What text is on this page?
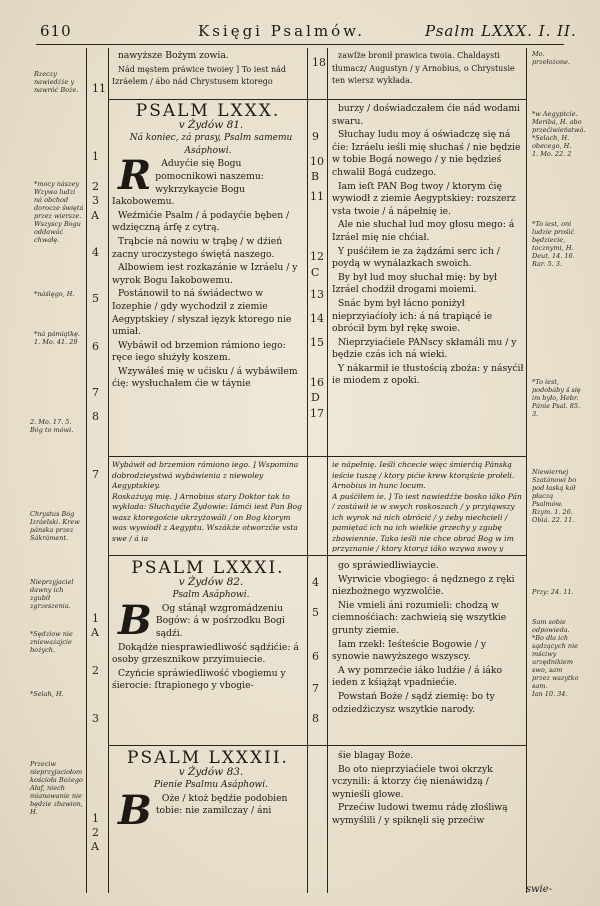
610	Księgi Psalmów.	Psalm LXXX. I. II.
Rzeczy nawiedźże y nawróć Boże.
*mocy nászey Wzywa ludzi ná obchod dorocze świętá przez wiersze. Wszyscy Bogu oddawáć chwałę.
*náśięgo, H.
*ná pámiątkę.
1. Mo. 41. 29
2. Mo. 17. 5. Bóg to mówi.
Chrystus Bóg Izráelski. Krew pánska przez Sákráment.
Nieprzyjaciel dawny ich zgubił zgrzeszenia.
*Sędziow nie znieważajcie bożych.
*Selah, H.
Przeciw nieprzyjaciołom kościoła Bożego Ałaf, niech mianowanie nie będzie zbawion, H.
Mo. przełożone.
*w Aegyptcie. Meribá, H. abo przećiwieństwá. *Selach, H. obecego, H.
1. Mo. 22. 2
*To iest, oni ludzie prośić będziecie, tocznymi, H.
Deut. 14. 16. Rar. 5. 3.
*To iest, podobáby ś się im było, Hebr. Pánie Psal. 85. 3.
Niewiernej Szatánowi bo pod łaską kół płaczą Psalmów.
Rzym. 1. 26. Obiá. 22. 11.
Przy: 24. 11.
Sam sobie odpowieda. *Bo dla ich sądzących nie mściwy urzędnikiem swo, sam przez wszytko sam.
Ian 10. 34.
11
18

nawyższe Bożym zowia.

Nád męstem práwice twoiey ] To iest nád Izráelem / ábo nád Chrystusem ktorego

zawſże bronił prawica twoia. Chaldaysti tłumacz/ Augustyn / y Arnobius, o Chrystusie ten wiersz wykłada.

PSALM LXXX.

v Żydów 81.

Ná koniec, zá prasy, Psalm samemu Asáphowi.

R Aduyćie się Bogu pomocnikowi naszemu: wykrzykaycie Bogu Iakobowemu.

Weźmićie Psalm / á podayćie bęben / wdzięczną árfę z cytrą.

Trąbcie ná nowiu w trąbę / w dźień zacny uroczystego świętá naszego.

Albowiem iest rozkazánie w Izráelu / y wyrok Bogu Iakobowemu.

Postánowił to ná świádectwo w Iozephie / gdy wychodził z ziemie Aegyptskiey / słyszał ięzyk ktorego nie umiał.

Wybáwił od brzemion rámiono iego: ręce iego służyły koszem.

Wzywáłeś mię w ućisku / á wybáwiłem ćię: wysłuchałem ćie w táynie

burzy / doświadczałem ćie nád wodami swaru.

Słuchay ludu moy á oświadczę się ná ćie: Izráelu ieśli mię słuchaś / nie będzie w tobie Bogá nowego / y nie będzieś chwalił Bogá cudzego.

Iam ieſt PAN Bog twoy / ktorym ćię wywiodł z ziemie Aegyptskiey: rozszerz vsta twoie / á nápełnię ie.

Ale nie słuchał lud moy głosu mego: á Izráel mię nie chćiał.

Y puśćiłem ie za żądzámi serc ich / poydą w wynálazkach swoich.

By był lud moy słuchał mię: by był Izráel chodźił drogami moiemi.

Snác bym był łácno poniżył nieprzyiaćioły ich: á ná trapiącé ie obrócił bym był rękę swoie.

Nieprzyiaćiele PANscy skłamáli mu / y będzie czás ich ná wieki.

Y nákarmił ie tłustością zboża: y násyćił ie miodem z opoki.

1
2
3
A
4
5
6
7
8
9
10
B
11
12
C
13
14
15
16
D
17
7

Wybáwił od brzemion rámiono iego. ] Wspomina dobrodzieystwá wybáwienia z niewoley Aegyptskiey.

Roskażuyą mię. ] Arnobius stary Doktor tak to wykłada: Słuchayćie Żydowie: Iámći iest Pan Bog wasz ktoregoście ukrzyżowáli / on Bog ktorym was wywiodł z Aegyptu. Wszákże otworzćie vsta swe / á ia

ie nápełnię. Ieśli chcecie więc śmierćią Pánską ieście tuszę / ktory pićie krew ktorąście prołeli. Arnobius in hunc locum.

A puśćiłem ie. ] To iest nawiedźże bosko iáko Pán / zostáwił ie w swych roskoszach / y przyiąwszy ich wyrok ná nich obrócić / y żeby niechcieli / pamiętać ich na ich wielkie grzechy y zgubę zbawiennie. Tako ieśli nie chce obrać Bog w im przyznanie / ktory ktoryż iáko wzywa swoy y

PSALM LXXXI.

v Żydów 82.

Psalm Asáphowi.

B Og stánął wzgromádzeniu Bogów: á w pośrzodku Bogi sądźi.

Dokądże niesprawiedliwość sądźićie: á osoby grzesznikow przyimuiecie.

Czyńcie spráwiedliwość vbogiemu y śierocie: ſtrapionego y vbogie-

go spráwiedliwiaycie.

Wyrwicie vbogiego: á nędznego z ręki niezbożnego wyzwolćie.

Nie vmieli áni rozumieli: chodzą w ciemnośćiach: zachwieią się wszytkie grunty ziemie.

Iam rzekł: Ieśteście Bogowie / y synowie nawyższego wszyscy.

A wy pomrzećie iáko ludźie / á iáko ieden z kśiążąt vpadniećie.

Powstań Boże / sądź ziemię: bo ty odziedźiczysz wszytkie narody.

1
A
2
3
4
5
6
7
8
PSALM LXXXII.

v Żydów 83.

Pienie Psalmu Asáphowi.

B Oże / ktoż będźie podobien tobie: nie zamilczay / áni

śie blagay Boże.

Bo oto nieprzyiaćiele twoi okrzyk vczynili: á ktorzy ćię nienáwidzą / wynieśli glowe.

Przećiw ludowi twemu rádę złośliwą wymyślili / y spiknęli się przećiw

1
2
A
swie-
